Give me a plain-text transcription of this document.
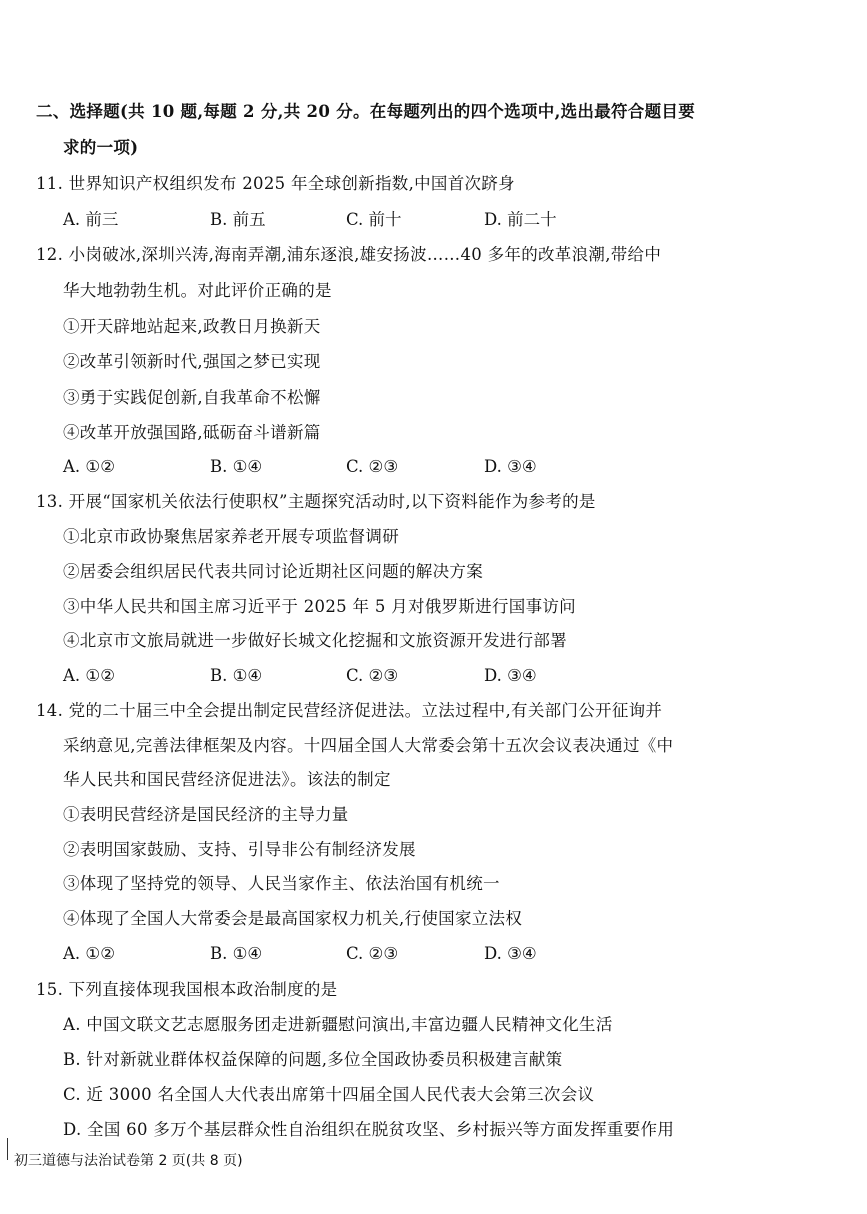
二、选择题(共 10 题,每题 2 分,共 20 分。在每题列出的四个选项中,选出最符合题目要
求的一项)
11. 世界知识产权组织发布 2025 年全球创新指数,中国首次跻身
A. 前三	B. 前五	C. 前十	D. 前二十
12. 小岗破冰,深圳兴涛,海南弄潮,浦东逐浪,雄安扬波……40 多年的改革浪潮,带给中
华大地勃勃生机。对此评价正确的是
①开天辟地站起来,政教日月换新天
②改革引领新时代,强国之梦已实现
③勇于实践促创新,自我革命不松懈
④改革开放强国路,砥砺奋斗谱新篇
A. ①②	B. ①④	C. ②③	D. ③④
13. 开展“国家机关依法行使职权”主题探究活动时,以下资料能作为参考的是
①北京市政协聚焦居家养老开展专项监督调研
②居委会组织居民代表共同讨论近期社区问题的解决方案
③中华人民共和国主席习近平于 2025 年 5 月对俄罗斯进行国事访问
④北京市文旅局就进一步做好长城文化挖掘和文旅资源开发进行部署
A. ①②	B. ①④	C. ②③	D. ③④
14. 党的二十届三中全会提出制定民营经济促进法。立法过程中,有关部门公开征询并
采纳意见,完善法律框架及内容。十四届全国人大常委会第十五次会议表决通过《中
华人民共和国民营经济促进法》。该法的制定
①表明民营经济是国民经济的主导力量
②表明国家鼓励、支持、引导非公有制经济发展
③体现了坚持党的领导、人民当家作主、依法治国有机统一
④体现了全国人大常委会是最高国家权力机关,行使国家立法权
A. ①②	B. ①④	C. ②③	D. ③④
15. 下列直接体现我国根本政治制度的是
A. 中国文联文艺志愿服务团走进新疆慰问演出,丰富边疆人民精神文化生活
B. 针对新就业群体权益保障的问题,多位全国政协委员积极建言献策
C. 近 3000 名全国人大代表出席第十四届全国人民代表大会第三次会议
D. 全国 60 多万个基层群众性自治组织在脱贫攻坚、乡村振兴等方面发挥重要作用
初三道德与法治试卷第 2 页(共 8 页)
